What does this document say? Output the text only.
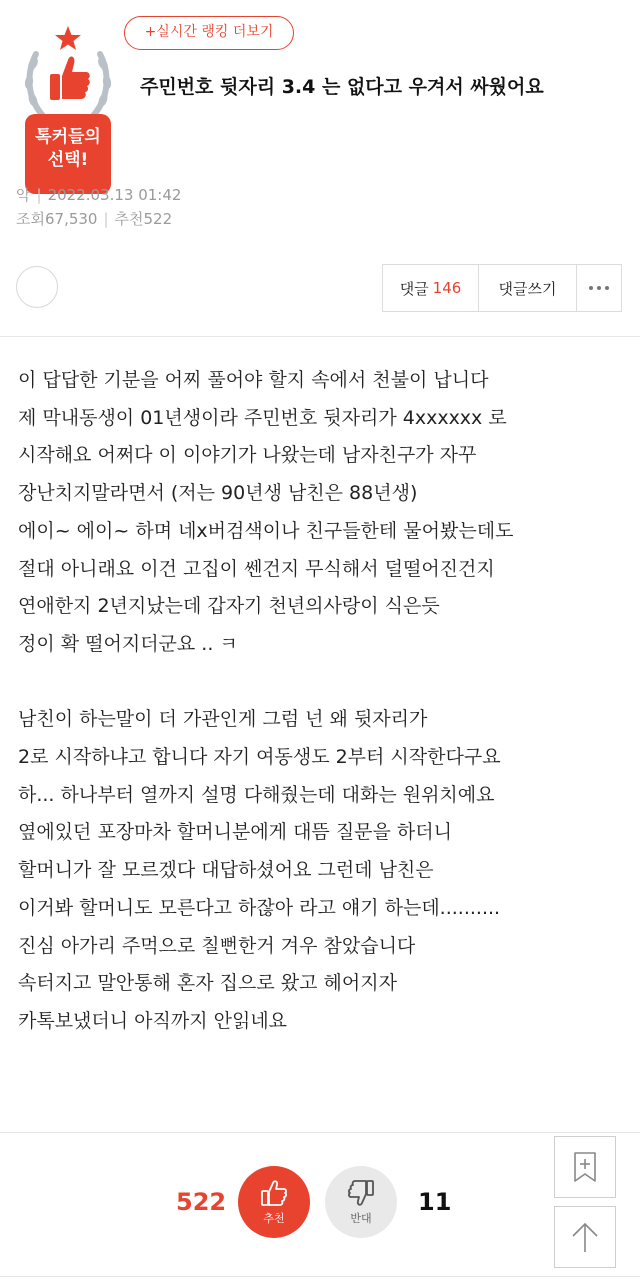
톡커들의
선택!
+실시간 랭킹 더보기
주민번호 뒷자리 3.4 는 없다고 우겨서 싸웠어요
악 | 2022.03.13 01:42
조회67,530 | 추천522
댓글 146	댓글쓰기

이 답답한 기분을 어찌 풀어야 할지 속에서 천불이 납니다

제 막내동생이 01년생이라 주민번호 뒷자리가 4xxxxxx 로

시작해요 어쩌다 이 이야기가 나왔는데 남자친구가 자꾸

장난치지말라면서 (저는 90년생 남친은 88년생)

에이~ 에이~ 하며 네x버검색이나 친구들한테 물어봤는데도

절대 아니래요 이건 고집이 쎈건지 무식해서 덜떨어진건지

연애한지 2년지났는데 갑자기 천년의사랑이 식은듯

정이 확 떨어지더군요 .. ㅋ

남친이 하는말이 더 가관인게 그럼 넌 왜 뒷자리가

2로 시작하냐고 합니다 자기 여동생도 2부터 시작한다구요

하... 하나부터 열까지 설명 다해줬는데 대화는 원위치예요

옆에있던 포장마차 할머니분에게 대뜸 질문을 하더니

할머니가 잘 모르겠다 대답하셨어요 그런데 남친은

이거봐 할머니도 모른다고 하잖아 라고 얘기 하는데..........

진심 아가리 주먹으로 칠뻔한거 겨우 참았습니다

속터지고 말안통해 혼자 집으로 왔고 헤어지자

카톡보냈더니 아직까지 안읽네요

522
추천	반대
11
